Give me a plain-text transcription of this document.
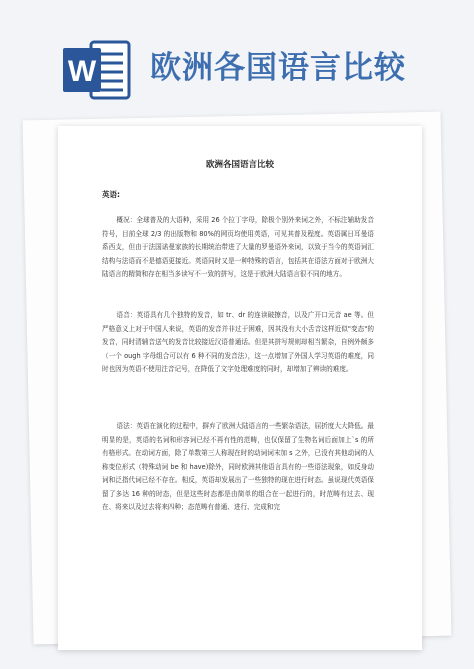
W 欧洲各国语言比较
欧洲各国语言比较
英语:

概况：全球普及的大语种，采用 26 个拉丁字母，除极个别外来词之外，不标注辅助发音符号，目前全球 2/3 的出版物和 80%的网页均使用英语，可见其普及程度。英语属日耳曼语系西支，但由于法国诺曼家族的长期统治带进了大量的罗曼语外来词，以致于当今的英语词汇结构与法语而不是德语更接近。英语同时又是一种特殊的语言，包括其在语法方面对于欧洲大陆语言的精简和存在相当多读写不一致的拼写，这是于欧洲大陆语言很不同的地方。

语音：英语具有几个独特的发音，如 tr、dr 的连读破擦音，以及广开口元音 ae 等。但严格意义上对于中国人来说，英语的发音并非过于困难，因其没有大小舌音这样近似"变态"的发音，同时清辅音送气的发音比较接近汉语普通话。但是其拼写规则却相当繁杂，自例外颇多（一个 ough 字母组合可以有 6 种不同的发音法），这一点增加了外国人学习英语的难度，同时也因为英语不使用注音记号，在降低了文字处理难度的同时，却增加了辨读的难度。

语法：英语在演化的过程中，摒弃了欧洲大陆语言的一些繁杂语法，屈折度大大降低。最明显的是，英语的名词和形容词已经不再有性的范畴，也仅保留了生物名词后面加上`s 的所有格形式。在动词方面，除了单数第三人称现在时的动词词末加 s 之外，已没有其他动词的人称变位形式（特殊动词 be 和 have)除外，同时欧洲其他语言具有的一些语法现象，如反身动词和泛指代词已经不存在。相反，英语却发展出了一些独特的现在进行时态。虽说现代英语保留了多达 16 种的时态，但是这些时态都是由简单的组合在一起进行的，时范畴有过去、现在、将来以及过去将来四种；态范畴有普通、进行、完成和完
